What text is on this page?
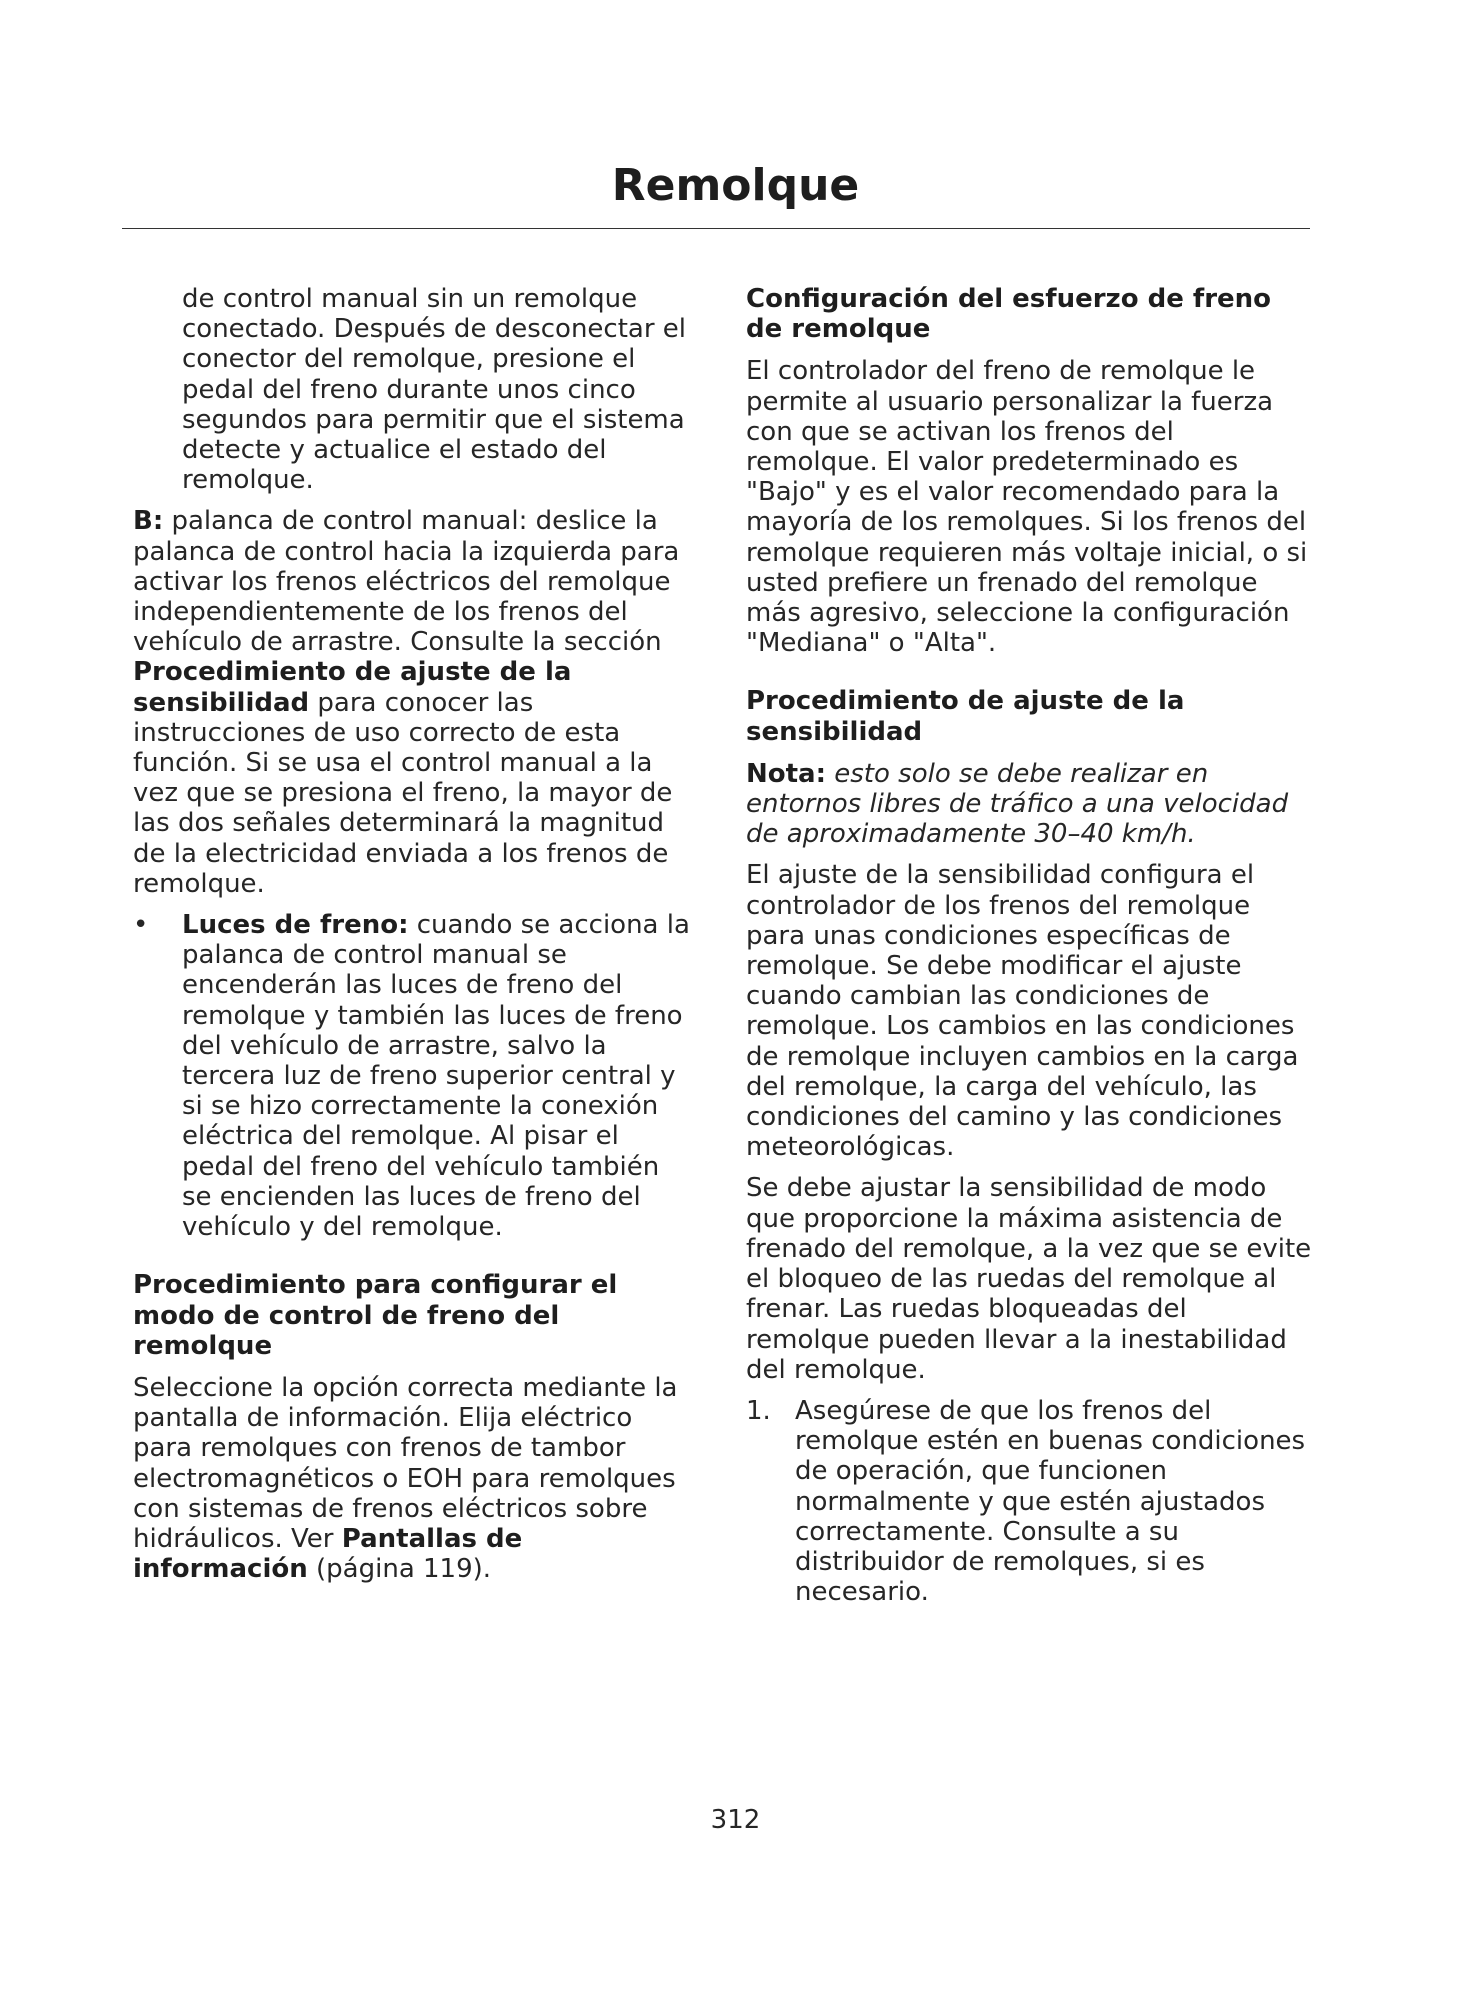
Remolque

de control manual sin un remolque conectado. Después de desconectar el conector del remolque, presione el pedal del freno durante unos cinco segundos para permitir que el sistema detecte y actualice el estado del remolque.

B: palanca de control manual: deslice la palanca de control hacia la izquierda para activar los frenos eléctricos del remolque independientemente de los frenos del vehículo de arrastre. Consulte la sección Procedimiento de ajuste de la sensibilidad para conocer las instrucciones de uso correcto de esta función. Si se usa el control manual a la vez que se presiona el freno, la mayor de las dos señales determinará la magnitud de la electricidad enviada a los frenos de remolque.

•	Luces de freno: cuando se acciona la palanca de control manual se encenderán las luces de freno del remolque y también las luces de freno del vehículo de arrastre, salvo la tercera luz de freno superior central y si se hizo correctamente la conexión eléctrica del remolque. Al pisar el pedal del freno del vehículo también se encienden las luces de freno del vehículo y del remolque.
Procedimiento para configurar el modo de control de freno del remolque

Seleccione la opción correcta mediante la pantalla de información. Elija eléctrico para remolques con frenos de tambor electromagnéticos o EOH para remolques con sistemas de frenos eléctricos sobre hidráulicos. Ver Pantallas de información (página 119).

Configuración del esfuerzo de freno de remolque

El controlador del freno de remolque le permite al usuario personalizar la fuerza con que se activan los frenos del remolque. El valor predeterminado es "Bajo" y es el valor recomendado para la mayoría de los remolques. Si los frenos del remolque requieren más voltaje inicial, o si usted prefiere un frenado del remolque más agresivo, seleccione la configuración "Mediana" o "Alta".

Procedimiento de ajuste de la sensibilidad

Nota: esto solo se debe realizar en entornos libres de tráfico a una velocidad de aproximadamente 30–40 km/h.

El ajuste de la sensibilidad configura el controlador de los frenos del remolque para unas condiciones específicas de remolque. Se debe modificar el ajuste cuando cambian las condiciones de remolque. Los cambios en las condiciones de remolque incluyen cambios en la carga del remolque, la carga del vehículo, las condiciones del camino y las condiciones meteorológicas.

Se debe ajustar la sensibilidad de modo que proporcione la máxima asistencia de frenado del remolque, a la vez que se evite el bloqueo de las ruedas del remolque al frenar. Las ruedas bloqueadas del remolque pueden llevar a la inestabilidad del remolque.

1. Asegúrese de que los frenos del remolque estén en buenas condiciones de operación, que funcionen normalmente y que estén ajustados correctamente. Consulte a su distribuidor de remolques, si es necesario.
312
